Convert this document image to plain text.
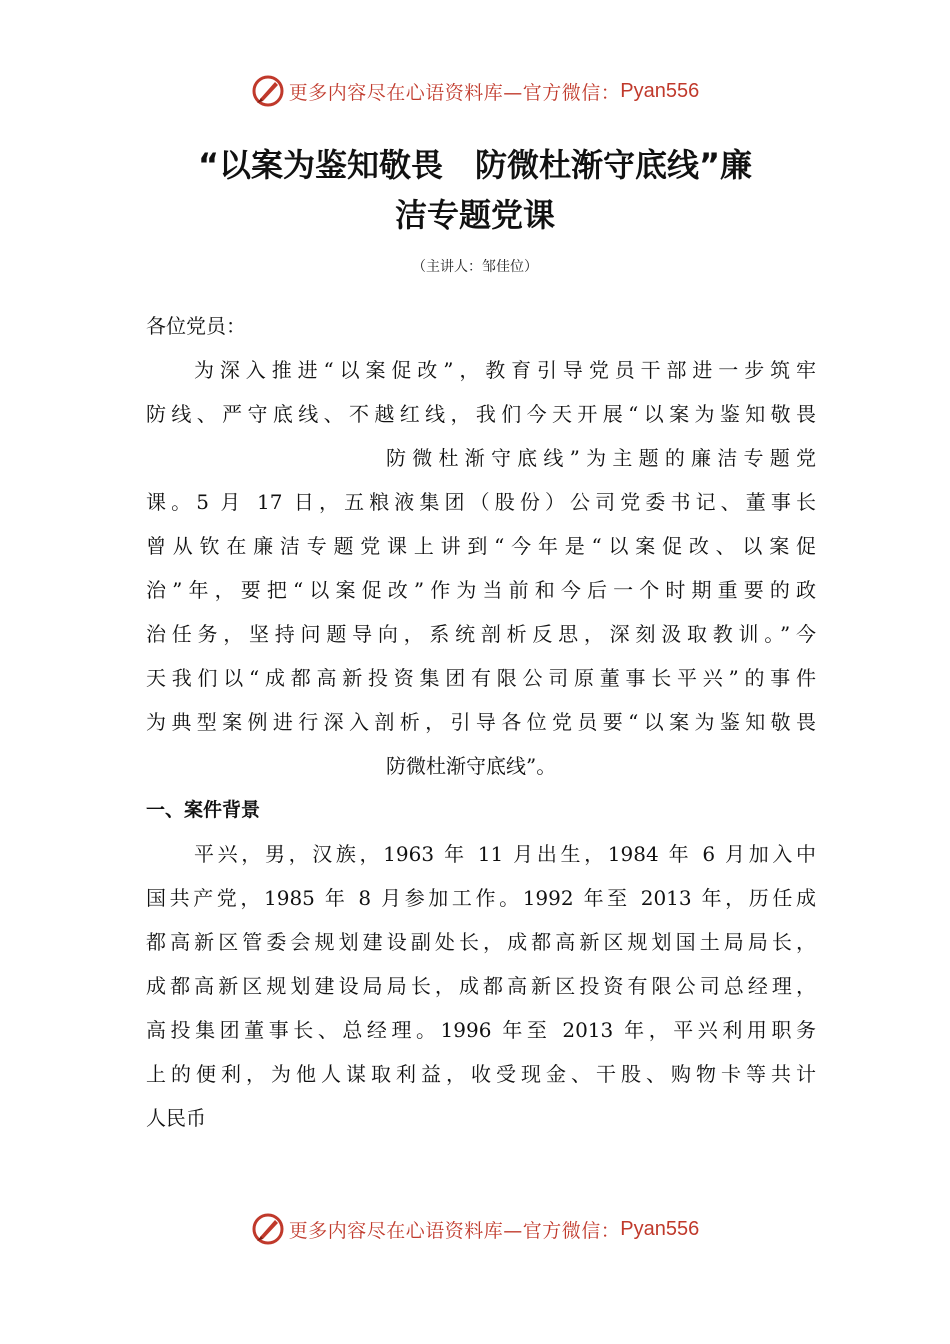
更多内容尽在心语资料库—官方微信： Pyan556
“以案为鉴知敬畏　防微杜渐守底线”廉
洁专题党课
（主讲人：邹佳位）
各位党员：
为深入推进“以案促改”，教育引导党员干部进一步筑牢
防线、严守底线、不越红线，我们今天开展“以案为鉴知敬畏
防微杜渐守底线”为主题的廉洁专题党
课。5 月 17 日，五粮液集团（股份）公司党委书记、董事长
曾从钦在廉洁专题党课上讲到“今年是“以案促改、以案促
治”年，要把“以案促改”作为当前和今后一个时期重要的政
治任务，坚持问题导向，系统剖析反思，深刻汲取教训。”今
天我们以“成都高新投资集团有限公司原董事长平兴”的事件
为典型案例进行深入剖析，引导各位党员要“以案为鉴知敬畏
防微杜渐守底线”。
一、案件背景
平兴，男，汉族，1963 年 11 月出生，1984 年 6 月加入中
国共产党，1985 年 8 月参加工作。1992 年至 2013 年，历任成
都高新区管委会规划建设副处长，成都高新区规划国土局局长，
成都高新区规划建设局局长，成都高新区投资有限公司总经理，
高投集团董事长、总经理。1996 年至 2013 年，平兴利用职务
上的便利，为他人谋取利益，收受现金、干股、购物卡等共计
人民币
更多内容尽在心语资料库—官方微信： Pyan556
